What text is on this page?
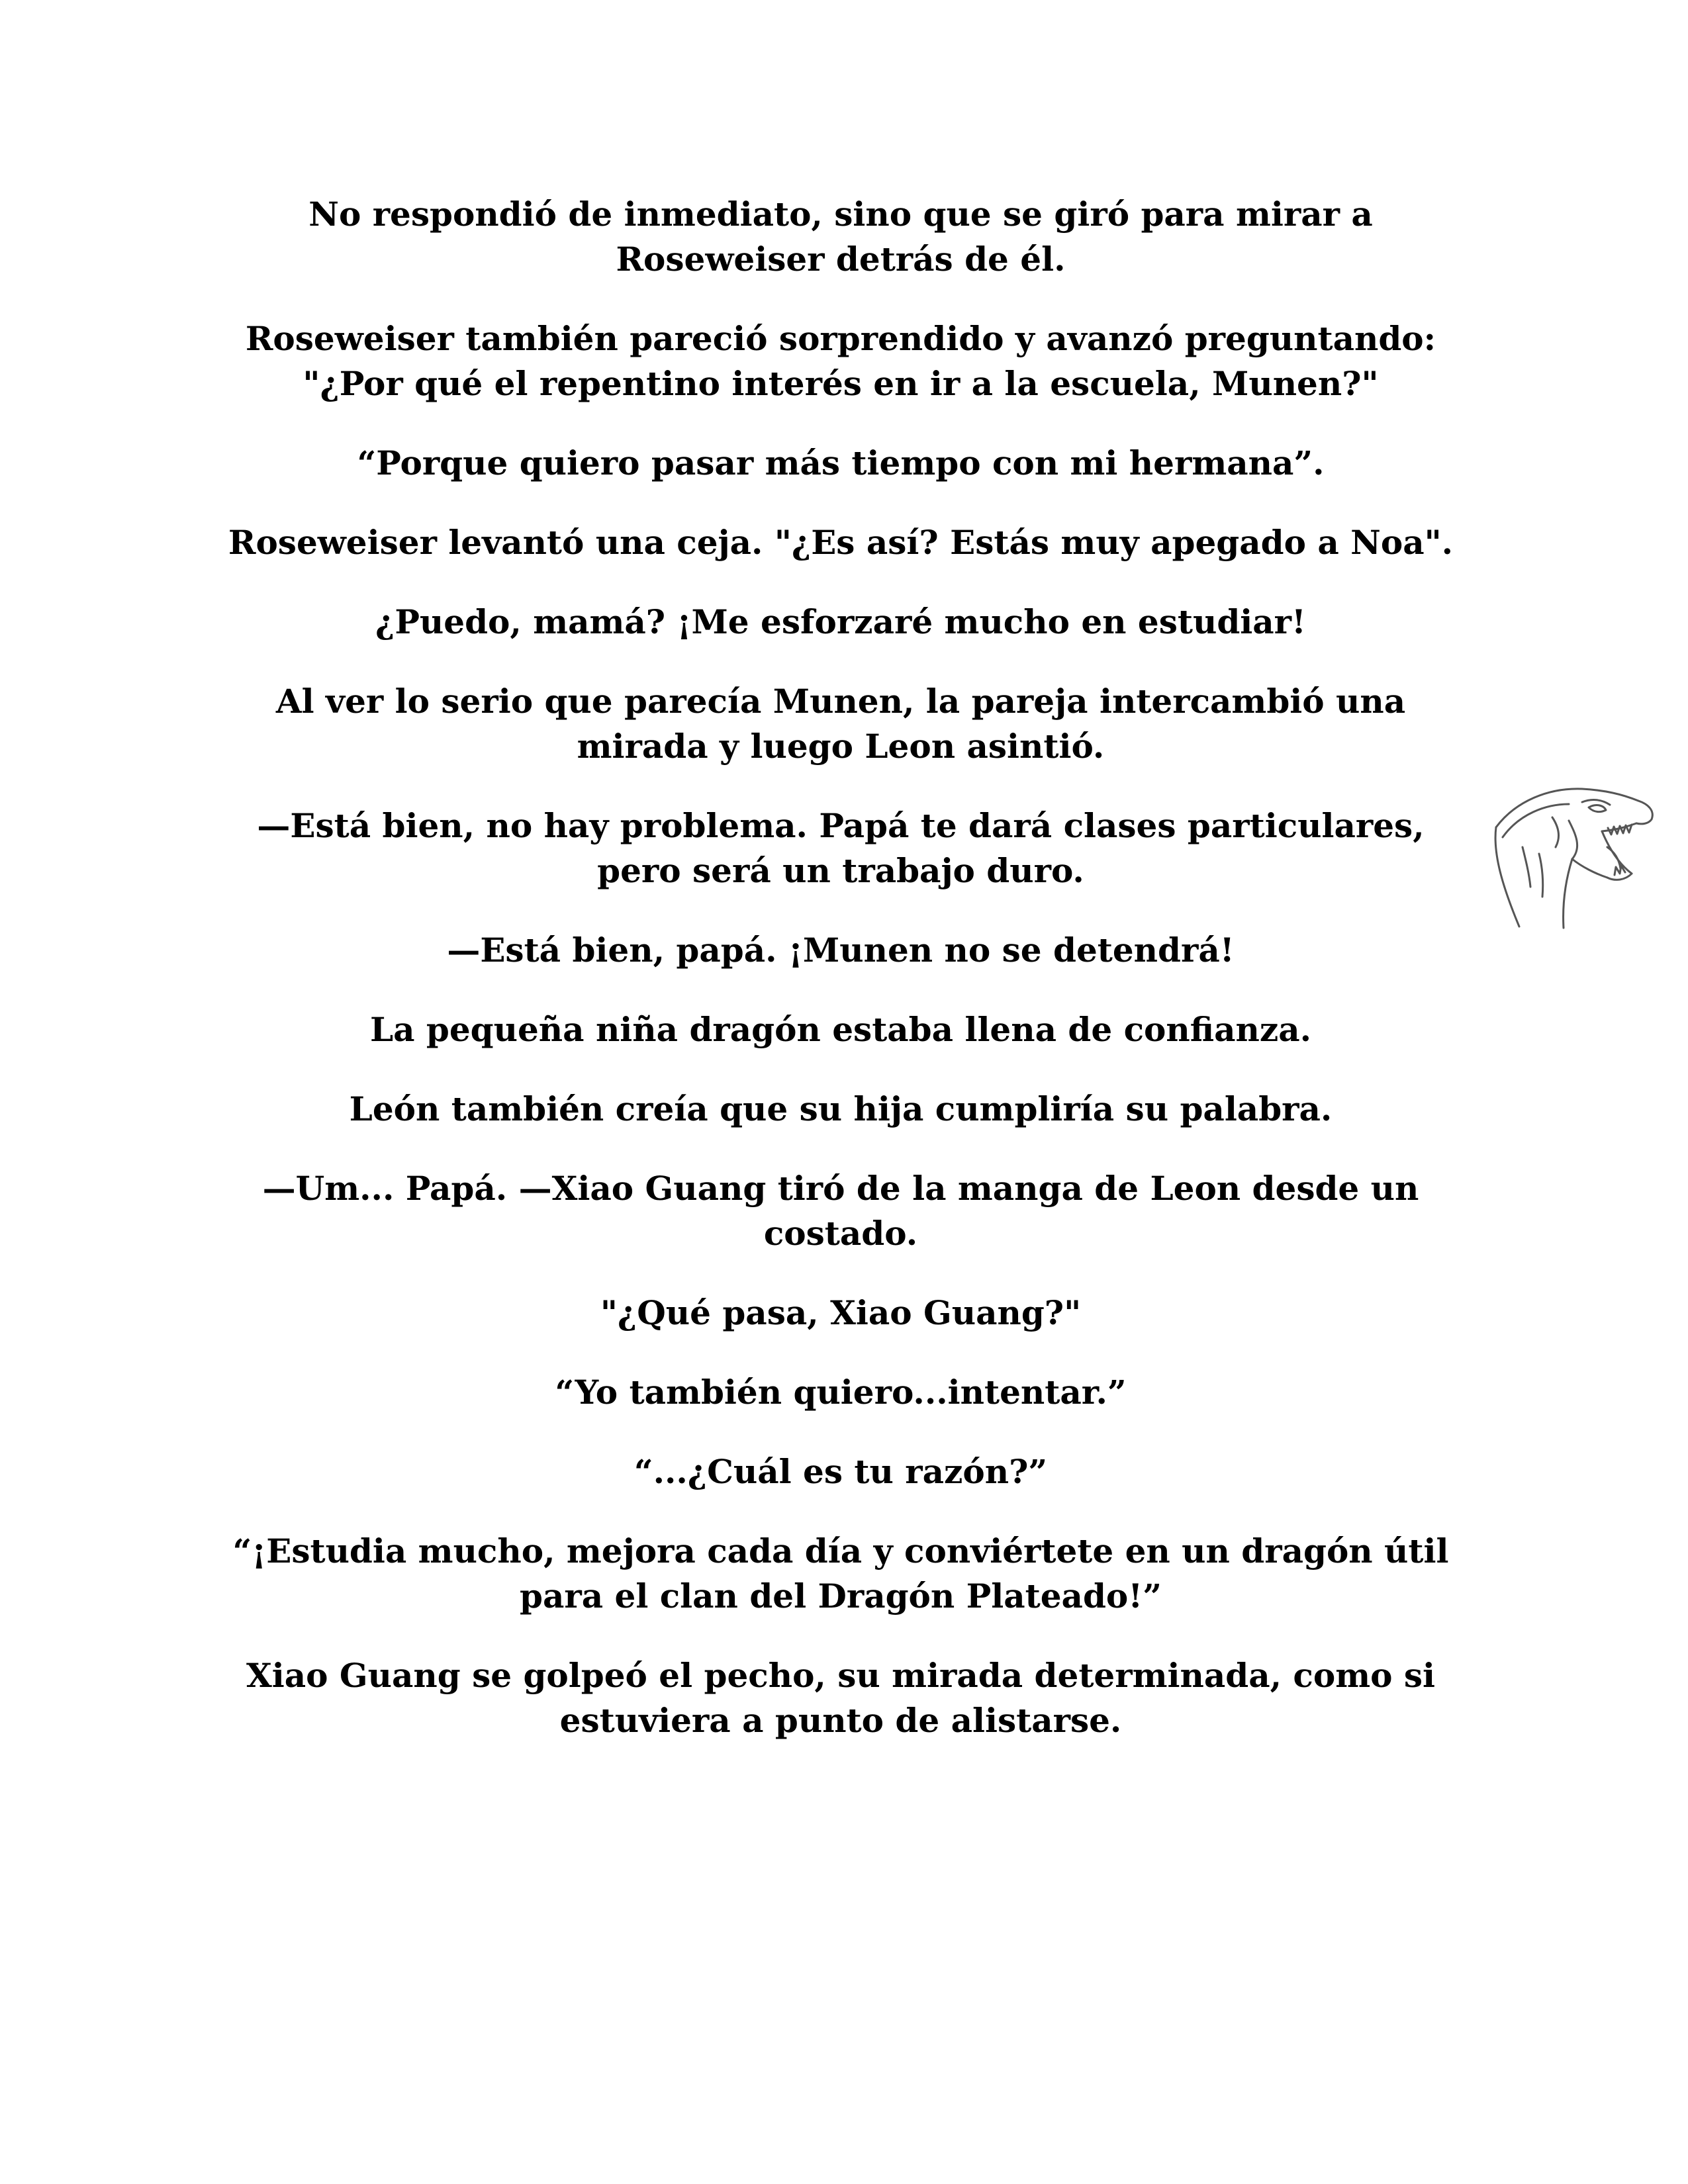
No respondió de inmediato, sino que se giró para mirar a Roseweiser detrás de él.

Roseweiser también pareció sorprendido y avanzó preguntando: "¿Por qué el repentino interés en ir a la escuela, Munen?"

“Porque quiero pasar más tiempo con mi hermana”.

Roseweiser levantó una ceja. "¿Es así? Estás muy apegado a Noa".

¿Puedo, mamá? ¡Me esforzaré mucho en estudiar!

Al ver lo serio que parecía Munen, la pareja intercambió una mirada y luego Leon asintió.

—Está bien, no hay problema. Papá te dará clases particulares, pero será un trabajo duro.

—Está bien, papá. ¡Munen no se detendrá!

La pequeña niña dragón estaba llena de confianza.

León también creía que su hija cumpliría su palabra.

—Um... Papá. —Xiao Guang tiró de la manga de Leon desde un costado.

"¿Qué pasa, Xiao Guang?"

“Yo también quiero...intentar.”

“...¿Cuál es tu razón?”

“¡Estudia mucho, mejora cada día y conviértete en un dragón útil para el clan del Dragón Plateado!”

Xiao Guang se golpeó el pecho, su mirada determinada, como si estuviera a punto de alistarse.
